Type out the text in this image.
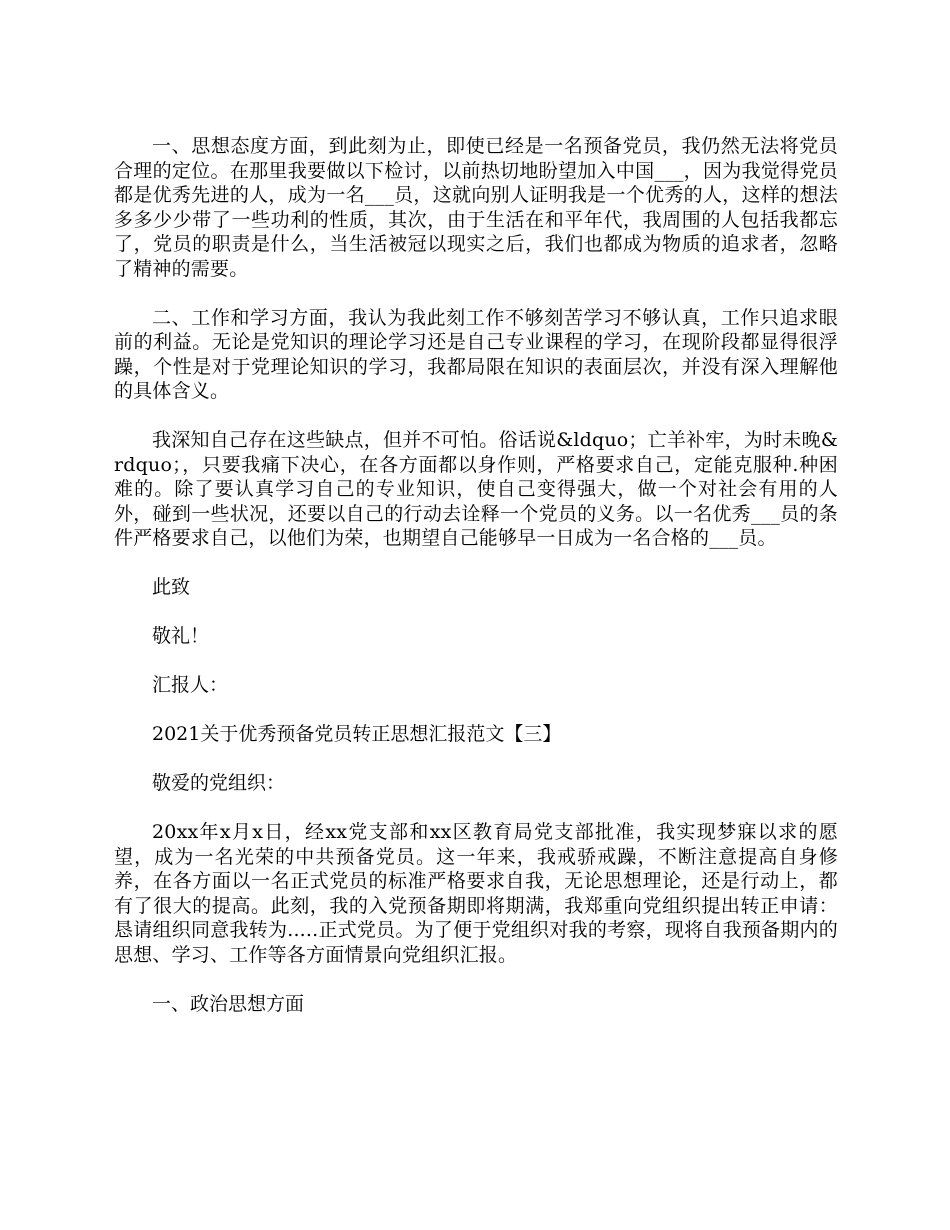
一、思想态度方面，到此刻为止，即使已经是一名预备党员，我仍然无法将党员合理的定位。在那里我要做以下检讨，以前热切地盼望加入中国___，因为我觉得党员都是优秀先进的人，成为一名___员，这就向别人证明我是一个优秀的人，这样的想法多多少少带了一些功利的性质，其次，由于生活在和平年代，我周围的人包括我都忘了，党员的职责是什么，当生活被冠以现实之后，我们也都成为物质的追求者，忽略了精神的需要。

二、工作和学习方面，我认为我此刻工作不够刻苦学习不够认真，工作只追求眼前的利益。无论是党知识的理论学习还是自己专业课程的学习，在现阶段都显得很浮躁，个性是对于党理论知识的学习，我都局限在知识的表面层次，并没有深入理解他的具体含义。

我深知自己存在这些缺点，但并不可怕。俗话说&ldquo；亡羊补牢，为时未晚&rdquo；，只要我痛下决心，在各方面都以身作则，严格要求自己，定能克服种.种困难的。除了要认真学习自己的专业知识，使自己变得强大，做一个对社会有用的人外，碰到一些状况，还要以自己的行动去诠释一个党员的义务。以一名优秀___员的条件严格要求自己，以他们为荣，也期望自己能够早一日成为一名合格的___员。

此致

敬礼！

汇报人：

2021关于优秀预备党员转正思想汇报范文【三】

敬爱的党组织：

20xx年x月x日，经xx党支部和xx区教育局党支部批准，我实现梦寐以求的愿望，成为一名光荣的中共预备党员。这一年来，我戒骄戒躁，不断注意提高自身修养，在各方面以一名正式党员的标准严格要求自我，无论思想理论，还是行动上，都有了很大的提高。此刻，我的入党预备期即将期满，我郑重向党组织提出转正申请：恳请组织同意我转为.....正式党员。为了便于党组织对我的考察，现将自我预备期内的思想、学习、工作等各方面情景向党组织汇报。

一、政治思想方面
